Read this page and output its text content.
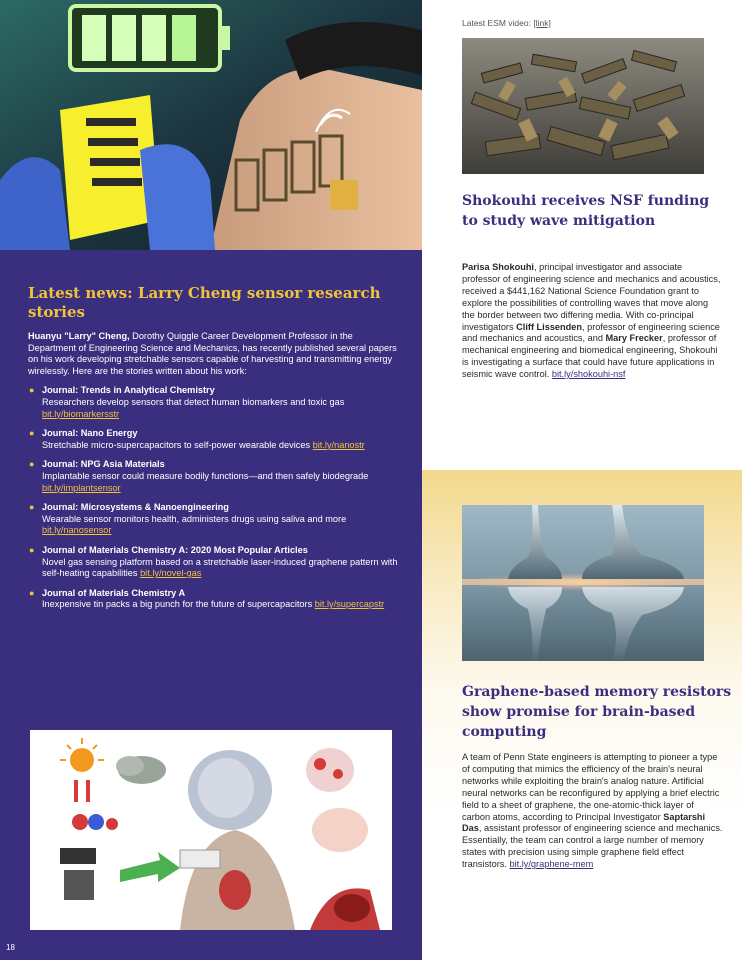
Latest news: Larry Cheng sensor research stories

Huanyu "Larry" Cheng, Dorothy Quiggle Career Development Professor in the Department of Engineering Science and Mechanics, has recently published several papers on his work developing stretchable sensors capable of harvesting and transmitting energy wirelessly. Here are the stories written about his work:

● Journal: Trends in Analytical Chemistry
Researchers develop sensors that detect human biomarkers and toxic gas bit.ly/biomarkersstr
● Journal: Nano Energy
Stretchable micro-supercapacitors to self-power wearable devices bit.ly/nanostr
● Journal: NPG Asia Materials
Implantable sensor could measure bodily functions—and then safely biodegrade bit.ly/implantsensor
● Journal: Microsystems & Nanoengineering
Wearable sensor monitors health, administers drugs using saliva and more bit.ly/nanosensor
● Journal of Materials Chemistry A: 2020 Most Popular Articles
Novel gas sensing platform based on a stretchable laser-induced graphene pattern with self-heating capabilities bit.ly/novel-gas
● Journal of Materials Chemistry A
Inexpensive tin packs a big punch for the future of supercapacitors bit.ly/supercapstr
18
Latest ESM video: [link]
Shokouhi receives NSF funding to study wave mitigation

Parisa Shokouhi, principal investigator and associate professor of engineering science and mechanics and acoustics, received a $441,162 National Science Foundation grant to explore the possibilities of controlling waves that move along the border between two differing media. With co-principal investigators Cliff Lissenden, professor of engineering science and mechanics and acoustics, and Mary Frecker, professor of mechanical engineering and biomedical engineering, Shokouhi is investigating a surface that could have future applications in seismic wave control. bit.ly/shokouhi-nsf

Graphene-based memory resistors show promise for brain-based computing

A team of Penn State engineers is attempting to pioneer a type of computing that mimics the efficiency of the brain's neural networks while exploiting the brain's analog nature. Artificial neural networks can be reconfigured by applying a brief electric field to a sheet of graphene, the one-atomic-thick layer of carbon atoms, according to Principal Investigator Saptarshi Das, assistant professor of engineering science and mechanics. Essentially, the team can control a large number of memory states with precision using simple graphene field effect transistors. bit.ly/graphene-mem
